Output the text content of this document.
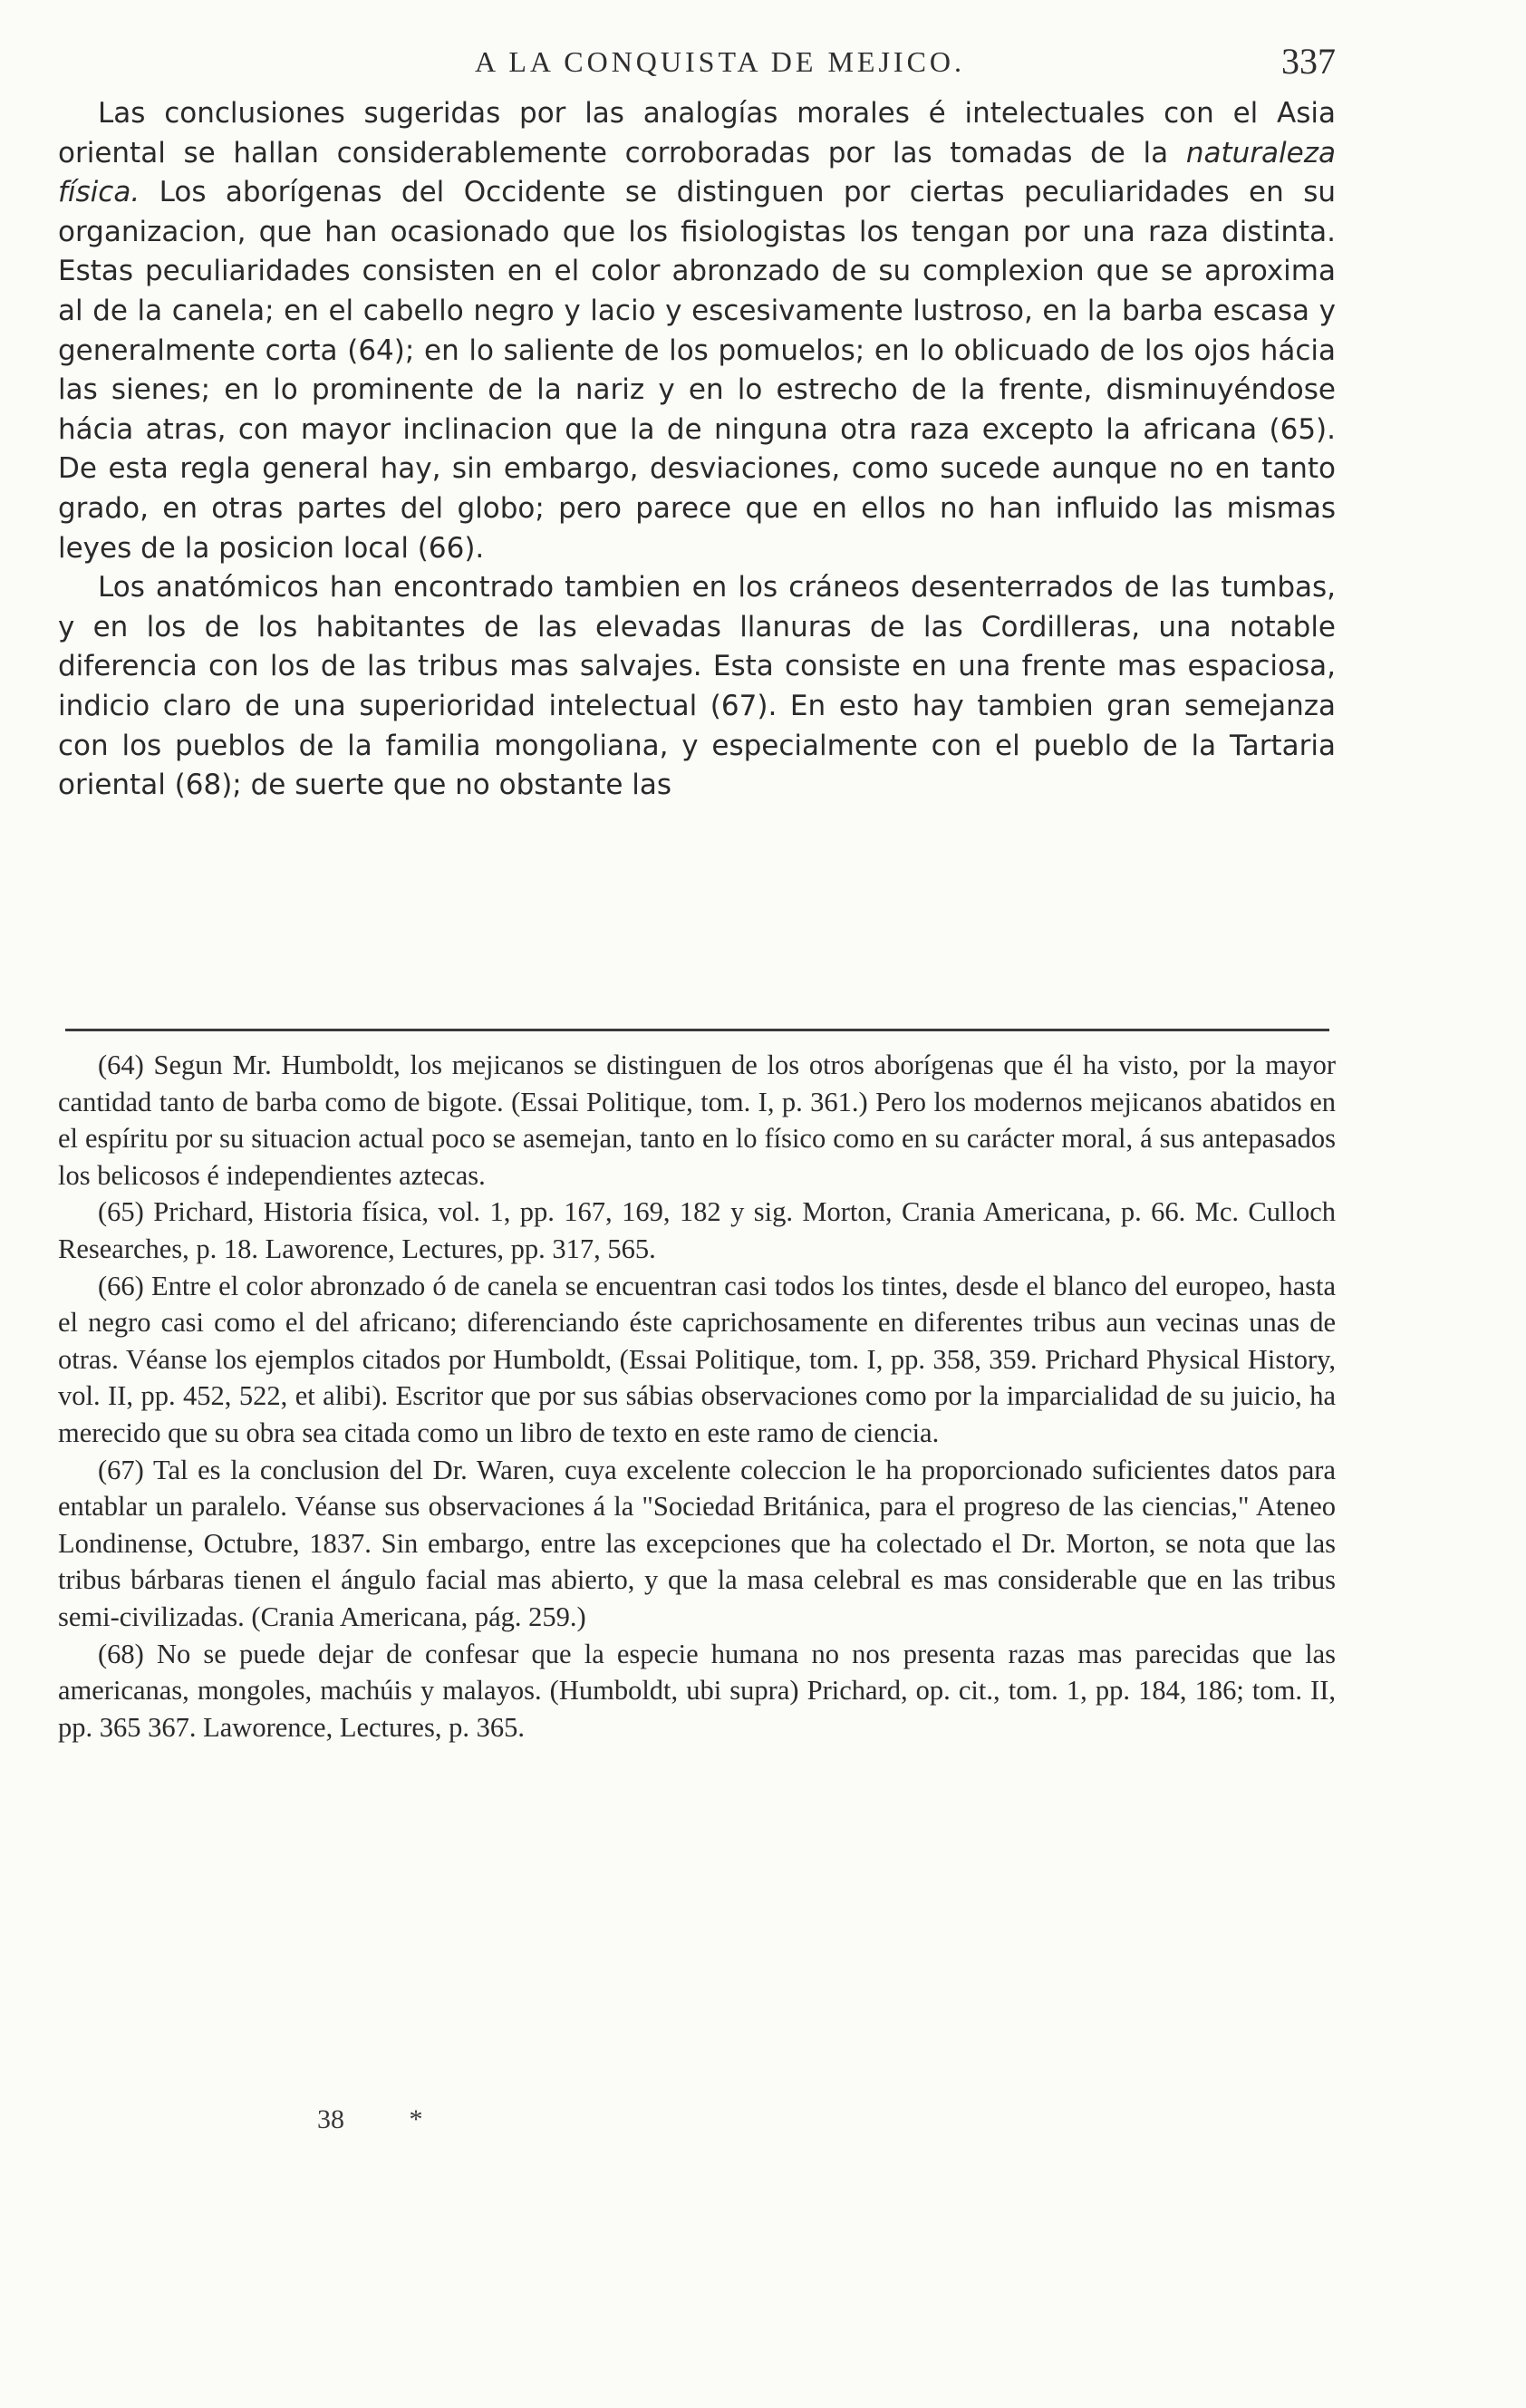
A LA CONQUISTA DE MEJICO.	337

Las conclusiones sugeridas por las analogías morales é intelectuales con el Asia oriental se hallan considerablemente corroboradas por las tomadas de la naturaleza física. Los aborígenas del Occidente se distinguen por ciertas peculiaridades en su organizacion, que han ocasionado que los fisiologistas los tengan por una raza distinta. Estas peculiaridades consisten en el color abronzado de su complexion que se aproxima al de la canela; en el cabello negro y lacio y escesivamente lustroso, en la barba escasa y generalmente corta (64); en lo saliente de los pomuelos; en lo oblicuado de los ojos hácia las sienes; en lo prominente de la nariz y en lo estrecho de la frente, disminuyéndose hácia atras, con mayor inclinacion que la de ninguna otra raza excepto la africana (65). De esta regla general hay, sin embargo, desviaciones, como sucede aunque no en tanto grado, en otras partes del globo; pero parece que en ellos no han influido las mismas leyes de la posicion local (66).

Los anatómicos han encontrado tambien en los cráneos desenterrados de las tumbas, y en los de los habitantes de las elevadas llanuras de las Cordilleras, una notable diferencia con los de las tribus mas salvajes. Esta consiste en una frente mas espaciosa, indicio claro de una superioridad intelectual (67). En esto hay tambien gran semejanza con los pueblos de la familia mongoliana, y especialmente con el pueblo de la Tartaria oriental (68); de suerte que no obstante las

(64) Segun Mr. Humboldt, los mejicanos se distinguen de los otros aborígenas que él ha visto, por la mayor cantidad tanto de barba como de bigote. (Essai Politique, tom. I, p. 361.) Pero los modernos mejicanos abatidos en el espíritu por su situacion actual poco se asemejan, tanto en lo físico como en su carácter moral, á sus antepasados los belicosos é independientes aztecas.

(65) Prichard, Historia física, vol. 1, pp. 167, 169, 182 y sig. Morton, Crania Americana, p. 66. Mc. Culloch Researches, p. 18. Laworence, Lectures, pp. 317, 565.

(66) Entre el color abronzado ó de canela se encuentran casi todos los tintes, desde el blanco del europeo, hasta el negro casi como el del africano; diferenciando éste caprichosamente en diferentes tribus aun vecinas unas de otras. Véanse los ejemplos citados por Humboldt, (Essai Politique, tom. I, pp. 358, 359. Prichard Physical History, vol. II, pp. 452, 522, et alibi). Escritor que por sus sábias observaciones como por la imparcialidad de su juicio, ha merecido que su obra sea citada como un libro de texto en este ramo de ciencia.

(67) Tal es la conclusion del Dr. Waren, cuya excelente coleccion le ha proporcionado suficientes datos para entablar un paralelo. Véanse sus observaciones á la "Sociedad Británica, para el progreso de las ciencias," Ateneo Londinense, Octubre, 1837. Sin embargo, entre las excepciones que ha colectado el Dr. Morton, se nota que las tribus bárbaras tienen el ángulo facial mas abierto, y que la masa celebral es mas considerable que en las tribus semi-civilizadas. (Crania Americana, pág. 259.)

(68) No se puede dejar de confesar que la especie humana no nos presenta razas mas parecidas que las americanas, mongoles, machúis y malayos. (Humboldt, ubi supra) Prichard, op. cit., tom. 1, pp. 184, 186; tom. II, pp. 365 367. Laworence, Lectures, p. 365.

38 *
